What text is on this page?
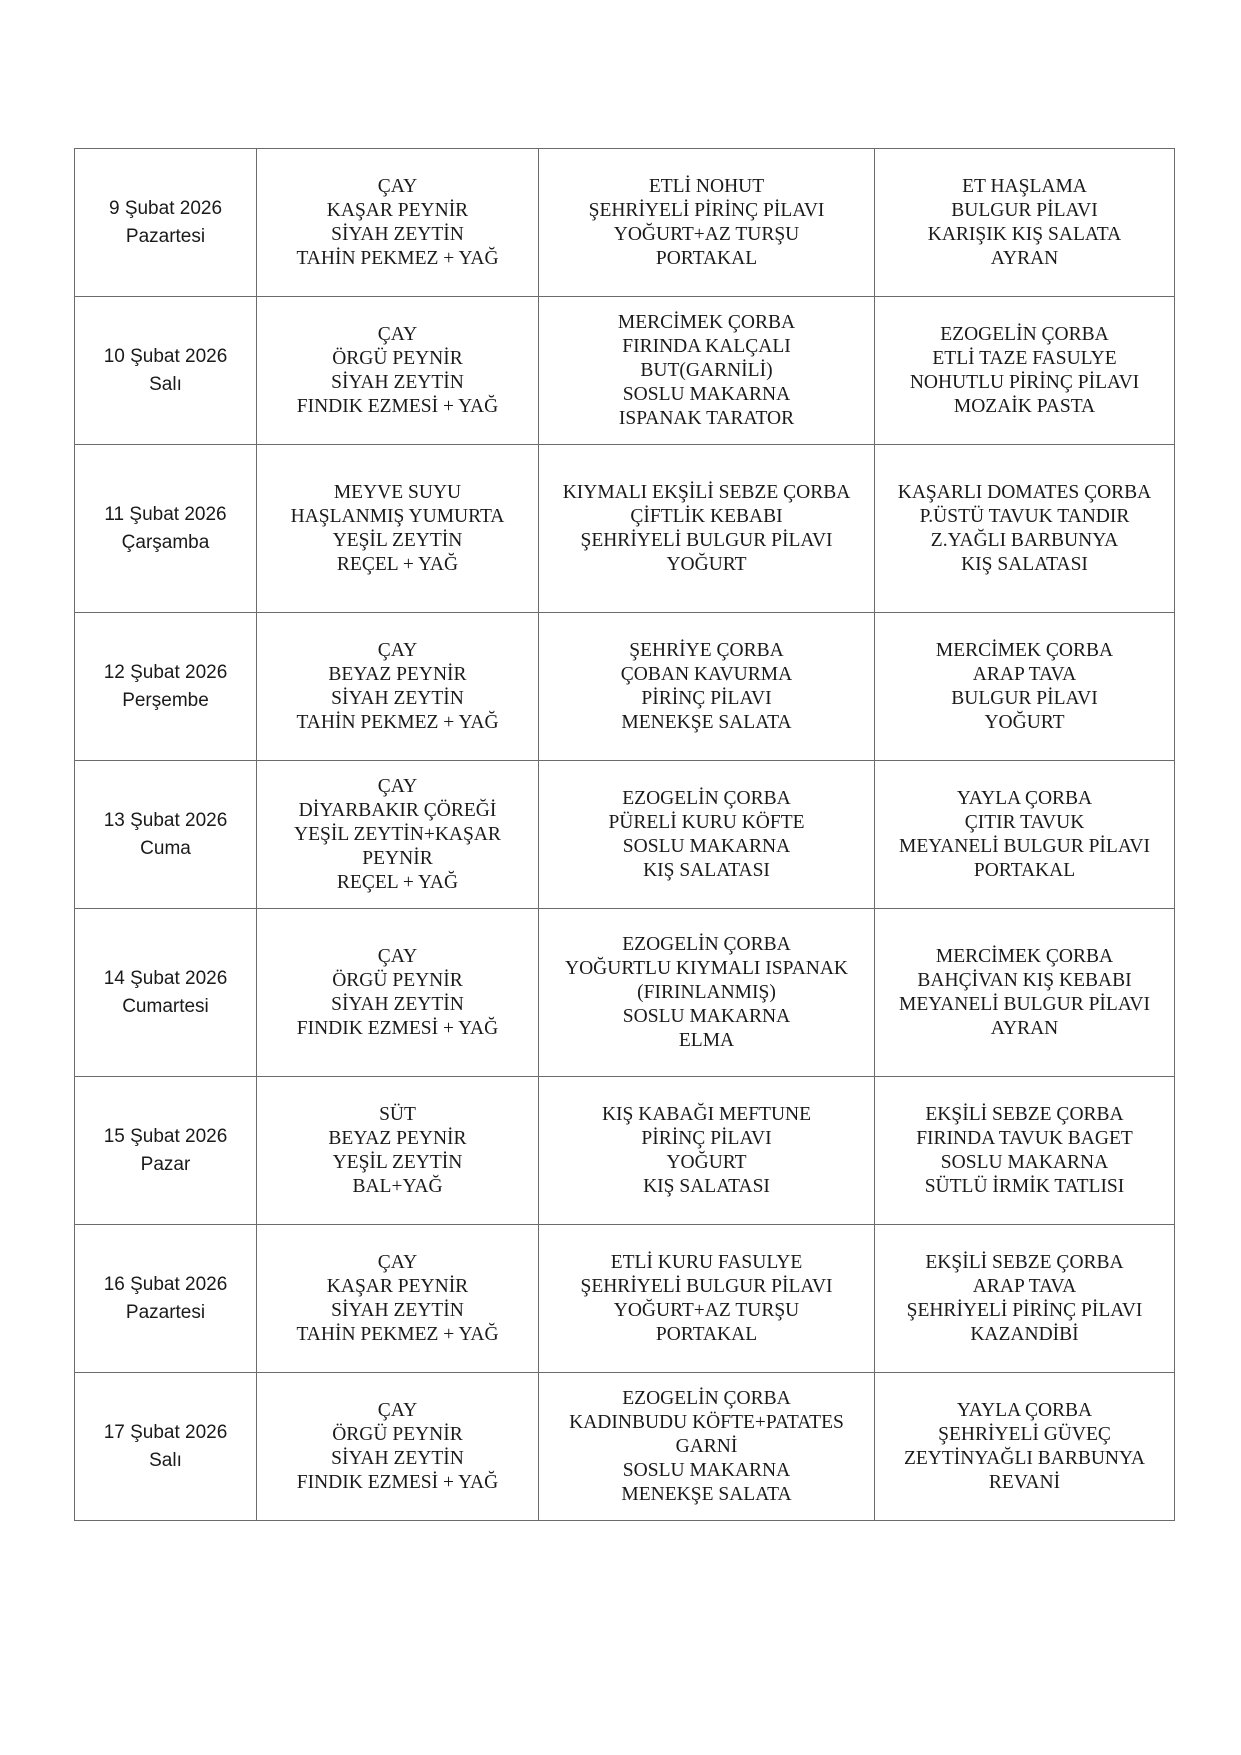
9 Şubat 2026
Pazartesi	ÇAY
KAŞAR PEYNİR
SİYAH ZEYTİN
TAHİN PEKMEZ + YAĞ	ETLİ NOHUT
ŞEHRİYELİ PİRİNÇ PİLAVI
YOĞURT+AZ TURŞU
PORTAKAL	ET HAŞLAMA
BULGUR PİLAVI
KARIŞIK KIŞ SALATA
AYRAN

10 Şubat 2026
Salı	ÇAY
ÖRGÜ PEYNİR
SİYAH ZEYTİN
FINDIK EZMESİ + YAĞ	MERCİMEK ÇORBA
FIRINDA KALÇALI
BUT(GARNİLİ)
SOSLU MAKARNA
ISPANAK TARATOR	EZOGELİN ÇORBA
ETLİ TAZE FASULYE
NOHUTLU PİRİNÇ PİLAVI
MOZAİK PASTA

11 Şubat 2026
Çarşamba	MEYVE SUYU
HAŞLANMIŞ YUMURTA
YEŞİL ZEYTİN
REÇEL + YAĞ	KIYMALI EKŞİLİ SEBZE ÇORBA
ÇİFTLİK KEBABI
ŞEHRİYELİ BULGUR PİLAVI
YOĞURT	KAŞARLI DOMATES ÇORBA
P.ÜSTÜ TAVUK TANDIR
Z.YAĞLI BARBUNYA
KIŞ SALATASI

12 Şubat 2026
Perşembe	ÇAY
BEYAZ PEYNİR
SİYAH ZEYTİN
TAHİN PEKMEZ + YAĞ	ŞEHRİYE ÇORBA
ÇOBAN KAVURMA
PİRİNÇ PİLAVI
MENEKŞE SALATA	MERCİMEK ÇORBA
ARAP TAVA
BULGUR PİLAVI
YOĞURT

13 Şubat 2026
Cuma	ÇAY
DİYARBAKIR ÇÖREĞİ
YEŞİL ZEYTİN+KAŞAR
PEYNİR
REÇEL + YAĞ	EZOGELİN ÇORBA
PÜRELİ KURU KÖFTE
SOSLU MAKARNA
KIŞ SALATASI	YAYLA ÇORBA
ÇITIR TAVUK
MEYANELİ BULGUR PİLAVI
PORTAKAL

14 Şubat 2026
Cumartesi	ÇAY
ÖRGÜ PEYNİR
SİYAH ZEYTİN
FINDIK EZMESİ + YAĞ	EZOGELİN ÇORBA
YOĞURTLU KIYMALI ISPANAK
(FIRINLANMIŞ)
SOSLU MAKARNA
ELMA	MERCİMEK ÇORBA
BAHÇİVAN KIŞ KEBABI
MEYANELİ BULGUR PİLAVI
AYRAN

15 Şubat 2026
Pazar	SÜT
BEYAZ PEYNİR
YEŞİL ZEYTİN
BAL+YAĞ	KIŞ KABAĞI MEFTUNE
PİRİNÇ PİLAVI
YOĞURT
KIŞ SALATASI	EKŞİLİ SEBZE ÇORBA
FIRINDA TAVUK BAGET
SOSLU MAKARNA
SÜTLÜ İRMİK TATLISI

16 Şubat 2026
Pazartesi	ÇAY
KAŞAR PEYNİR
SİYAH ZEYTİN
TAHİN PEKMEZ + YAĞ	ETLİ KURU FASULYE
ŞEHRİYELİ BULGUR PİLAVI
YOĞURT+AZ TURŞU
PORTAKAL	EKŞİLİ SEBZE ÇORBA
ARAP TAVA
ŞEHRİYELİ PİRİNÇ PİLAVI
KAZANDİBİ

17 Şubat 2026
Salı	ÇAY
ÖRGÜ PEYNİR
SİYAH ZEYTİN
FINDIK EZMESİ + YAĞ	EZOGELİN ÇORBA
KADINBUDU KÖFTE+PATATES
GARNİ
SOSLU MAKARNA
MENEKŞE SALATA	YAYLA ÇORBA
ŞEHRİYELİ GÜVEÇ
ZEYTİNYAĞLI BARBUNYA
REVANİ
